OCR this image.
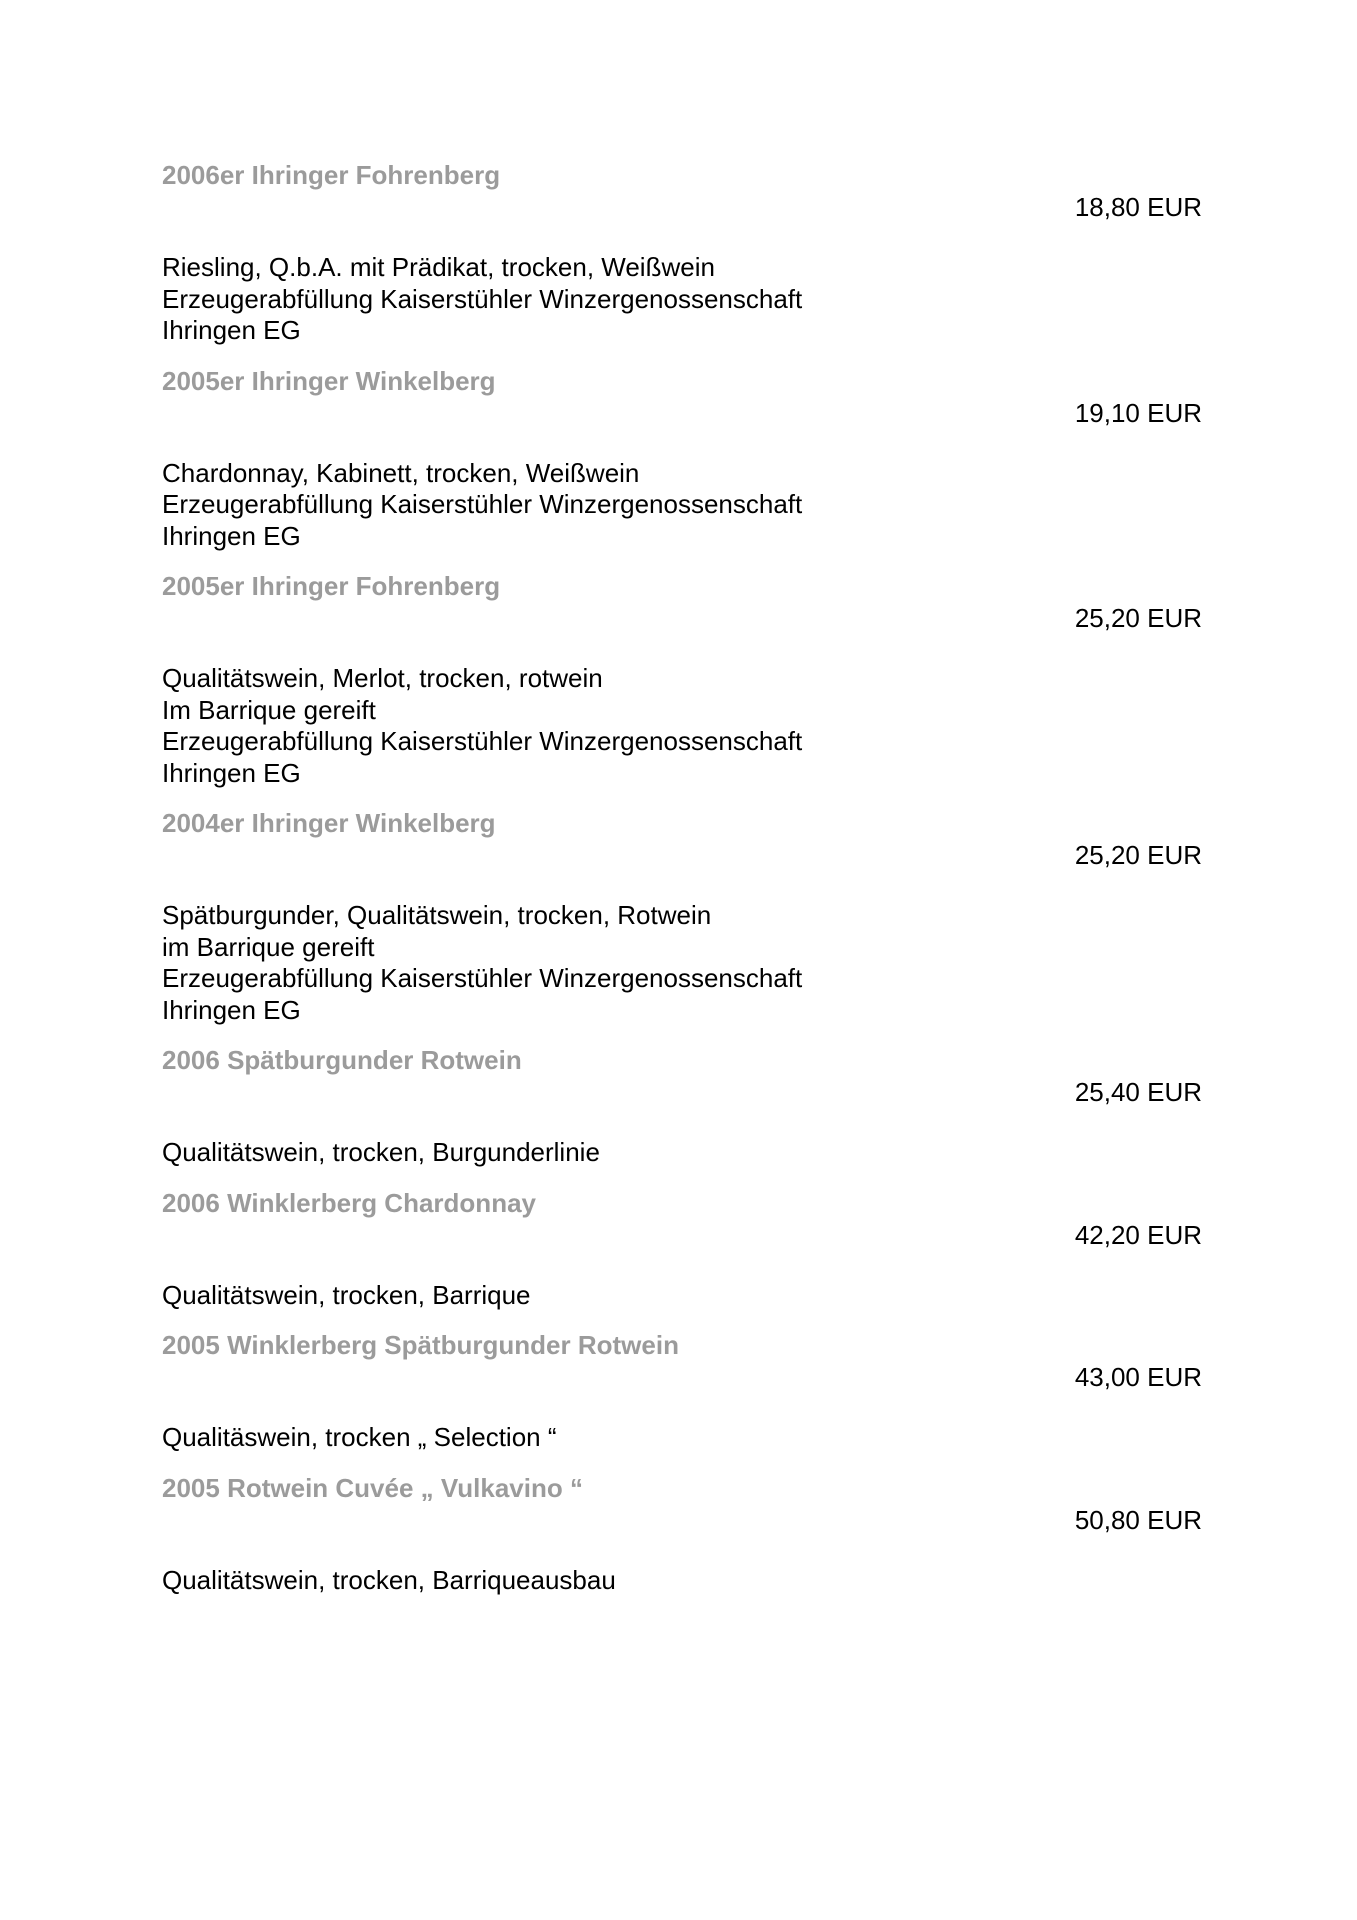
2006er Ihringer Fohrenberg
18,80 EUR
Riesling, Q.b.A. mit Prädikat, trocken, Weißwein
Erzeugerabfüllung Kaiserstühler Winzergenossenschaft
Ihringen EG
2005er Ihringer Winkelberg
19,10 EUR
Chardonnay, Kabinett, trocken, Weißwein
Erzeugerabfüllung Kaiserstühler Winzergenossenschaft
Ihringen EG
2005er Ihringer Fohrenberg
25,20 EUR
Qualitätswein, Merlot, trocken, rotwein
Im Barrique gereift
Erzeugerabfüllung Kaiserstühler Winzergenossenschaft
Ihringen EG
2004er Ihringer Winkelberg
25,20 EUR
Spätburgunder, Qualitätswein, trocken, Rotwein
im Barrique gereift
Erzeugerabfüllung Kaiserstühler Winzergenossenschaft
Ihringen EG
2006 Spätburgunder Rotwein
25,40 EUR
Qualitätswein, trocken, Burgunderlinie
2006 Winklerberg Chardonnay
42,20 EUR
Qualitätswein, trocken, Barrique
2005 Winklerberg Spätburgunder Rotwein
43,00 EUR
Qualitäswein, trocken „ Selection “
2005 Rotwein Cuvée „ Vulkavino “
50,80 EUR
Qualitätswein, trocken, Barriqueausbau
